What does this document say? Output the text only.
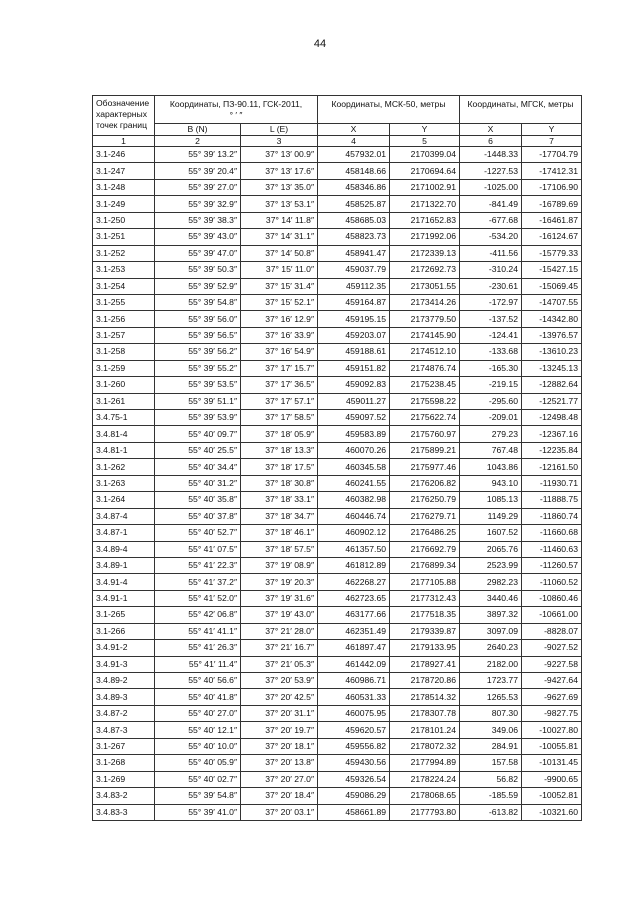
44
Обозначение характерных точек границ	Координаты, ПЗ-90.11, ГСК-2011,
° ′ ″		Координаты, МСК-50, метры		Координаты, МГСК, метры	
	B (N)	L (E)	X	Y	X	Y
1	2	3	4	5	6	7
3.1-246	55° 39′ 13.2″	37° 13′ 00.9″	457932.01	2170399.04	-1448.33	-17704.79
3.1-247	55° 39′ 20.4″	37° 13′ 17.6″	458148.66	2170694.64	-1227.53	-17412.31
3.1-248	55° 39′ 27.0″	37° 13′ 35.0″	458346.86	2171002.91	-1025.00	-17106.90
3.1-249	55° 39′ 32.9″	37° 13′ 53.1″	458525.87	2171322.70	-841.49	-16789.69
3.1-250	55° 39′ 38.3″	37° 14′ 11.8″	458685.03	2171652.83	-677.68	-16461.87
3.1-251	55° 39′ 43.0″	37° 14′ 31.1″	458823.73	2171992.06	-534.20	-16124.67
3.1-252	55° 39′ 47.0″	37° 14′ 50.8″	458941.47	2172339.13	-411.56	-15779.33
3.1-253	55° 39′ 50.3″	37° 15′ 11.0″	459037.79	2172692.73	-310.24	-15427.15
3.1-254	55° 39′ 52.9″	37° 15′ 31.4″	459112.35	2173051.55	-230.61	-15069.45
3.1-255	55° 39′ 54.8″	37° 15′ 52.1″	459164.87	2173414.26	-172.97	-14707.55
3.1-256	55° 39′ 56.0″	37° 16′ 12.9″	459195.15	2173779.50	-137.52	-14342.80
3.1-257	55° 39′ 56.5″	37° 16′ 33.9″	459203.07	2174145.90	-124.41	-13976.57
3.1-258	55° 39′ 56.2″	37° 16′ 54.9″	459188.61	2174512.10	-133.68	-13610.23
3.1-259	55° 39′ 55.2″	37° 17′ 15.7″	459151.82	2174876.74	-165.30	-13245.13
3.1-260	55° 39′ 53.5″	37° 17′ 36.5″	459092.83	2175238.45	-219.15	-12882.64
3.1-261	55° 39′ 51.1″	37° 17′ 57.1″	459011.27	2175598.22	-295.60	-12521.77
3.4.75-1	55° 39′ 53.9″	37° 17′ 58.5″	459097.52	2175622.74	-209.01	-12498.48
3.4.81-4	55° 40′ 09.7″	37° 18′ 05.9″	459583.89	2175760.97	279.23	-12367.16
3.4.81-1	55° 40′ 25.5″	37° 18′ 13.3″	460070.26	2175899.21	767.48	-12235.84
3.1-262	55° 40′ 34.4″	37° 18′ 17.5″	460345.58	2175977.46	1043.86	-12161.50
3.1-263	55° 40′ 31.2″	37° 18′ 30.8″	460241.55	2176206.82	943.10	-11930.71
3.1-264	55° 40′ 35.8″	37° 18′ 33.1″	460382.98	2176250.79	1085.13	-11888.75
3.4.87-4	55° 40′ 37.8″	37° 18′ 34.7″	460446.74	2176279.71	1149.29	-11860.74
3.4.87-1	55° 40′ 52.7″	37° 18′ 46.1″	460902.12	2176486.25	1607.52	-11660.68
3.4.89-4	55° 41′ 07.5″	37° 18′ 57.5″	461357.50	2176692.79	2065.76	-11460.63
3.4.89-1	55° 41′ 22.3″	37° 19′ 08.9″	461812.89	2176899.34	2523.99	-11260.57
3.4.91-4	55° 41′ 37.2″	37° 19′ 20.3″	462268.27	2177105.88	2982.23	-11060.52
3.4.91-1	55° 41′ 52.0″	37° 19′ 31.6″	462723.65	2177312.43	3440.46	-10860.46
3.1-265	55° 42′ 06.8″	37° 19′ 43.0″	463177.66	2177518.35	3897.32	-10661.00
3.1-266	55° 41′ 41.1″	37° 21′ 28.0″	462351.49	2179339.87	3097.09	-8828.07
3.4.91-2	55° 41′ 26.3″	37° 21′ 16.7″	461897.47	2179133.95	2640.23	-9027.52
3.4.91-3	55° 41′ 11.4″	37° 21′ 05.3″	461442.09	2178927.41	2182.00	-9227.58
3.4.89-2	55° 40′ 56.6″	37° 20′ 53.9″	460986.71	2178720.86	1723.77	-9427.64
3.4.89-3	55° 40′ 41.8″	37° 20′ 42.5″	460531.33	2178514.32	1265.53	-9627.69
3.4.87-2	55° 40′ 27.0″	37° 20′ 31.1″	460075.95	2178307.78	807.30	-9827.75
3.4.87-3	55° 40′ 12.1″	37° 20′ 19.7″	459620.57	2178101.24	349.06	-10027.80
3.1-267	55° 40′ 10.0″	37° 20′ 18.1″	459556.82	2178072.32	284.91	-10055.81
3.1-268	55° 40′ 05.9″	37° 20′ 13.8″	459430.56	2177994.89	157.58	-10131.45
3.1-269	55° 40′ 02.7″	37° 20′ 27.0″	459326.54	2178224.24	56.82	-9900.65
3.4.83-2	55° 39′ 54.8″	37° 20′ 18.4″	459086.29	2178068.65	-185.59	-10052.81
3.4.83-3	55° 39′ 41.0″	37° 20′ 03.1″	458661.89	2177793.80	-613.82	-10321.60
